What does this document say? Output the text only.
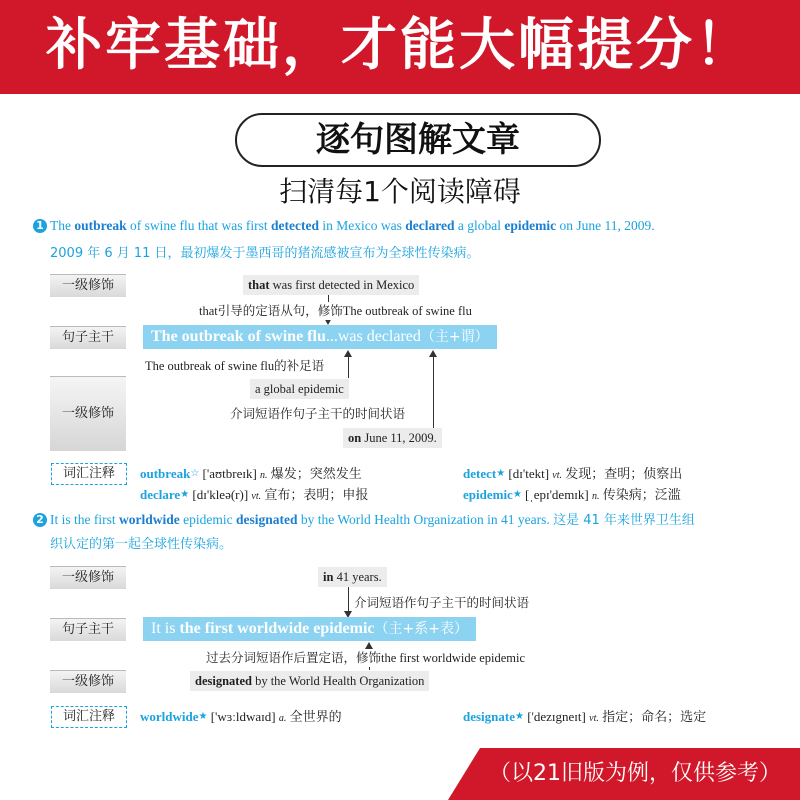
补牢基础，才能大幅提分！
逐句图解文章
扫清每1个阅读障碍
1 The outbreak of swine flu that was first detected in Mexico was declared a global epidemic on June 11, 2009.
2009 年 6 月 11 日，最初爆发于墨西哥的猪流感被宣布为全球性传染病。
一级修饰	that was first detected in Mexico
that引导的定语从句，修饰The outbreak of swine flu
句子主干	The outbreak of swine flu...was declared（主+谓）
一级修饰
The outbreak of swine flu的补足语
a global epidemic
介词短语作句子主干的时间状语
on June 11, 2009.
词汇注释	outbreak☆ ['aʊtbreɪk] n. 爆发；突然发生	detect★ [dɪ'tekt] vt. 发现；查明；侦察出
declare★ [dɪ'kleə(r)] vt. 宣布；表明；申报	epidemic★ [ˌepɪ'demɪk] n. 传染病；泛滥
2 It is the first worldwide epidemic designated by the World Health Organization in 41 years. 这是 41 年来世界卫生组
织认定的第一起全球性传染病。
一级修饰	in 41 years.
介词短语作句子主干的时间状语
句子主干	It is the first worldwide epidemic（主+系+表）
过去分词短语作后置定语，修饰the first worldwide epidemic
一级修饰	designated by the World Health Organization
词汇注释	worldwide★ ['wɜːldwaɪd] a. 全世界的	designate★ ['dezɪgneɪt] vt. 指定；命名；选定
（以21旧版为例，仅供参考）
